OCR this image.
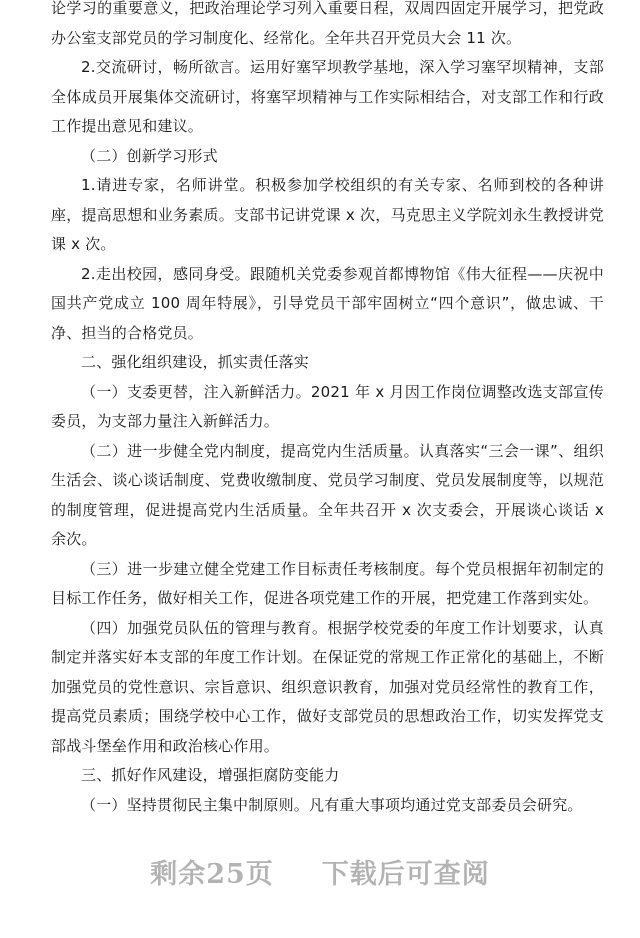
论学习的重要意义，把政治理论学习列入重要日程，双周四固定开展学习，把党政办公室支部党员的学习制度化、经常化。全年共召开党员大会 11 次。

2.交流研讨，畅所欲言。运用好塞罕坝教学基地，深入学习塞罕坝精神，支部全体成员开展集体交流研讨，将塞罕坝精神与工作实际相结合，对支部工作和行政工作提出意见和建议。

（二）创新学习形式

1.请进专家，名师讲堂。积极参加学校组织的有关专家、名师到校的各种讲座，提高思想和业务素质。支部书记讲党课 x 次，马克思主义学院刘永生教授讲党课 x 次。

2.走出校园，感同身受。跟随机关党委参观首都博物馆《伟大征程——庆祝中国共产党成立 100 周年特展》，引导党员干部牢固树立“四个意识”，做忠诚、干净、担当的合格党员。

二、强化组织建设，抓实责任落实

（一）支委更替，注入新鲜活力。2021 年 x 月因工作岗位调整改选支部宣传委员，为支部力量注入新鲜活力。

（二）进一步健全党内制度，提高党内生活质量。认真落实“三会一课”、组织生活会、谈心谈话制度、党费收缴制度、党员学习制度、党员发展制度等，以规范的制度管理，促进提高党内生活质量。全年共召开 x 次支委会，开展谈心谈话 x 余次。

（三）进一步建立健全党建工作目标责任考核制度。每个党员根据年初制定的目标工作任务，做好相关工作，促进各项党建工作的开展，把党建工作落到实处。

（四）加强党员队伍的管理与教育。根据学校党委的年度工作计划要求，认真制定并落实好本支部的年度工作计划。在保证党的常规工作正常化的基础上，不断加强党员的党性意识、宗旨意识、组织意识教育，加强对党员经常性的教育工作，提高党员素质；围绕学校中心工作，做好支部党员的思想政治工作，切实发挥党支部战斗堡垒作用和政治核心作用。

三、抓好作风建设，增强拒腐防变能力

（一）坚持贯彻民主集中制原则。凡有重大事项均通过党支部委员会研究。

剩余25页 下载后可查阅
